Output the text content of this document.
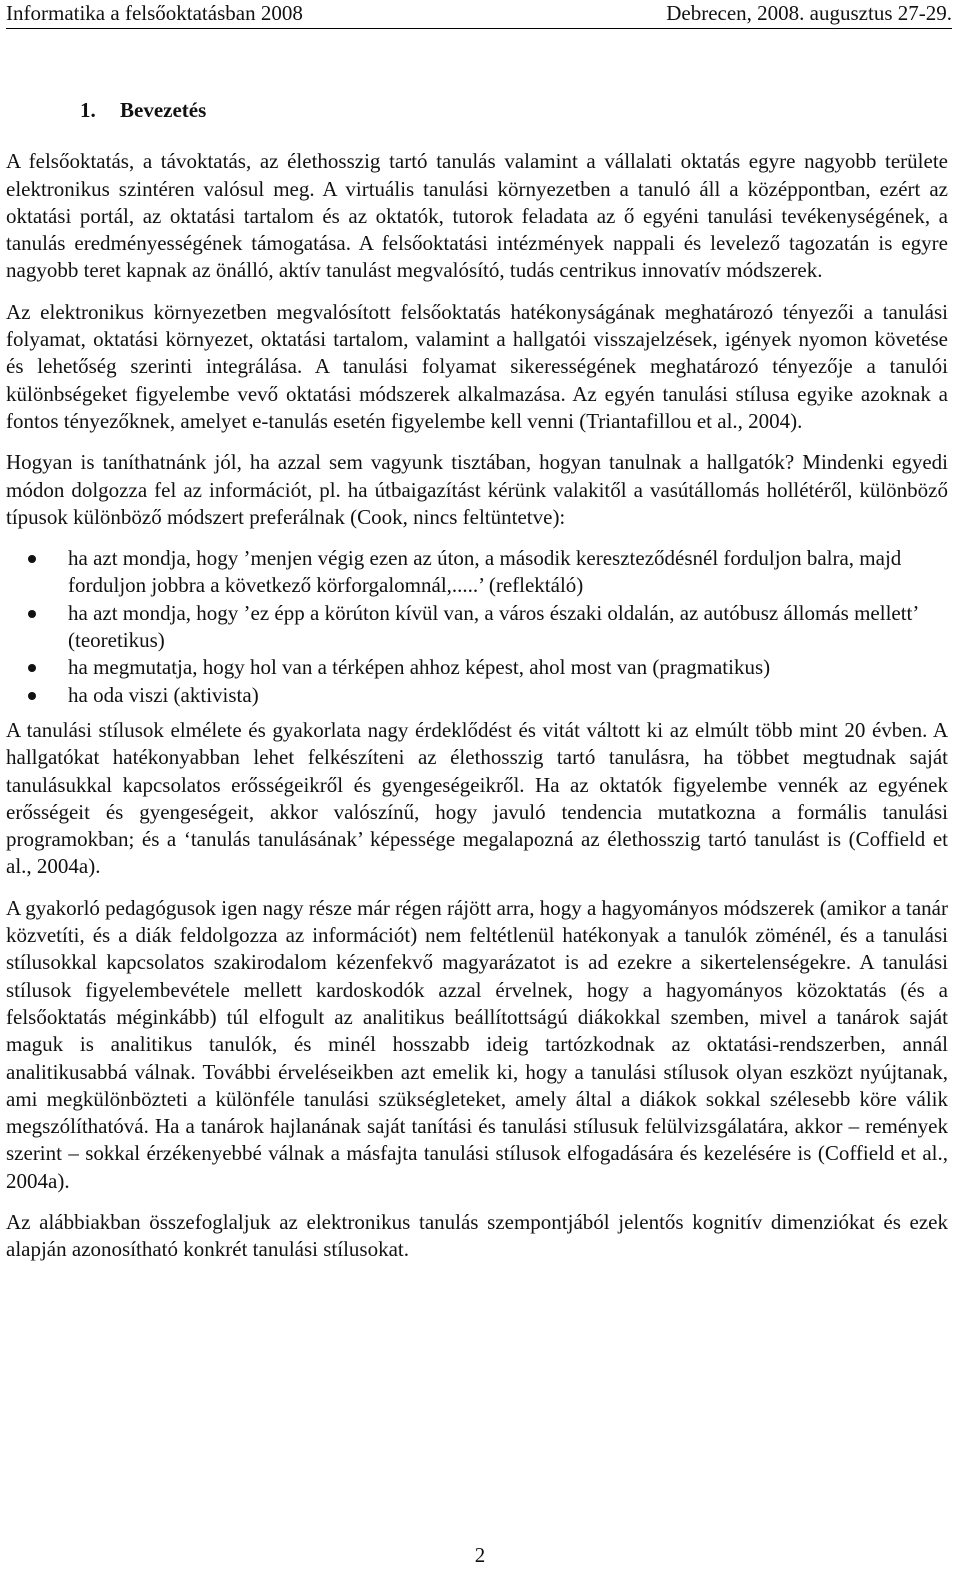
Informatika a felsőoktatásban 2008	Debrecen, 2008. augusztus 27-29.
1.	Bevezetés

A felsőoktatás, a távoktatás, az élethosszig tartó tanulás valamint a vállalati oktatás egyre nagyobb területe elektronikus szintéren valósul meg. A virtuális tanulási környezetben a tanuló áll a középpontban, ezért az oktatási portál, az oktatási tartalom és az oktatók, tutorok feladata az ő egyéni tanulási tevékenységének, a tanulás eredményességének támogatása. A felsőoktatási intézmények nappali és levelező tagozatán is egyre nagyobb teret kapnak az önálló, aktív tanulást megvalósító, tudás centrikus innovatív módszerek.

Az elektronikus környezetben megvalósított felsőoktatás hatékonyságának meghatározó tényezői a tanulási folyamat, oktatási környezet, oktatási tartalom, valamint a hallgatói visszajelzések, igények nyomon követése és lehetőség szerinti integrálása. A tanulási folyamat sikerességének meghatározó tényezője a tanulói különbségeket figyelembe vevő oktatási módszerek alkalmazása. Az egyén tanulási stílusa egyike azoknak a fontos tényezőknek, amelyet e-tanulás esetén figyelembe kell venni (Triantafillou et al., 2004).

Hogyan is taníthatnánk jól, ha azzal sem vagyunk tisztában, hogyan tanulnak a hallgatók? Mindenki egyedi módon dolgozza fel az információt, pl. ha útbaigazítást kérünk valakitől a vasútállomás hollétéről, különböző típusok különböző módszert preferálnak (Cook, nincs feltüntetve):

ha azt mondja, hogy ’menjen végig ezen az úton, a második kereszteződésnél forduljon balra, majd forduljon jobbra a következő körforgalomnál,.....’ (reflektáló)
ha azt mondja, hogy ’ez épp a körúton kívül van, a város északi oldalán, az autóbusz állomás mellett’ (teoretikus)
ha megmutatja, hogy hol van a térképen ahhoz képest, ahol most van (pragmatikus)
ha oda viszi (aktivista)

A tanulási stílusok elmélete és gyakorlata nagy érdeklődést és vitát váltott ki az elmúlt több mint 20 évben. A hallgatókat hatékonyabban lehet felkészíteni az élethosszig tartó tanulásra, ha többet megtudnak saját tanulásukkal kapcsolatos erősségeikről és gyengeségeikről. Ha az oktatók figyelembe vennék az egyének erősségeit és gyengeségeit, akkor valószínű, hogy javuló tendencia mutatkozna a formális tanulási programokban; és a ‘tanulás tanulásának’ képessége megalapozná az élethosszig tartó tanulást is (Coffield et al., 2004a).

A gyakorló pedagógusok igen nagy része már régen rájött arra, hogy a hagyományos módszerek (amikor a tanár közvetíti, és a diák feldolgozza az információt) nem feltétlenül hatékonyak a tanulók zöménél, és a tanulási stílusokkal kapcsolatos szakirodalom kézenfekvő magyarázatot is ad ezekre a sikertelenségekre. A tanulási stílusok figyelembevétele mellett kardoskodók azzal érvelnek, hogy a hagyományos közoktatás (és a felsőoktatás méginkább) túl elfogult az analitikus beállítottságú diákokkal szemben, mivel a tanárok saját maguk is analitikus tanulók, és minél hosszabb ideig tartózkodnak az oktatási-rendszerben, annál analitikusabbá válnak. További érveléseikben azt emelik ki, hogy a tanulási stílusok olyan eszközt nyújtanak, ami megkülönbözteti a különféle tanulási szükségleteket, amely által a diákok sokkal szélesebb köre válik megszólíthatóvá. Ha a tanárok hajlanának saját tanítási és tanulási stílusuk felülvizsgálatára, akkor – remények szerint – sokkal érzékenyebbé válnak a másfajta tanulási stílusok elfogadására és kezelésére is (Coffield et al., 2004a).

Az alábbiakban összefoglaljuk az elektronikus tanulás szempontjából jelentős kognitív dimenziókat és ezek alapján azonosítható konkrét tanulási stílusokat.

2
